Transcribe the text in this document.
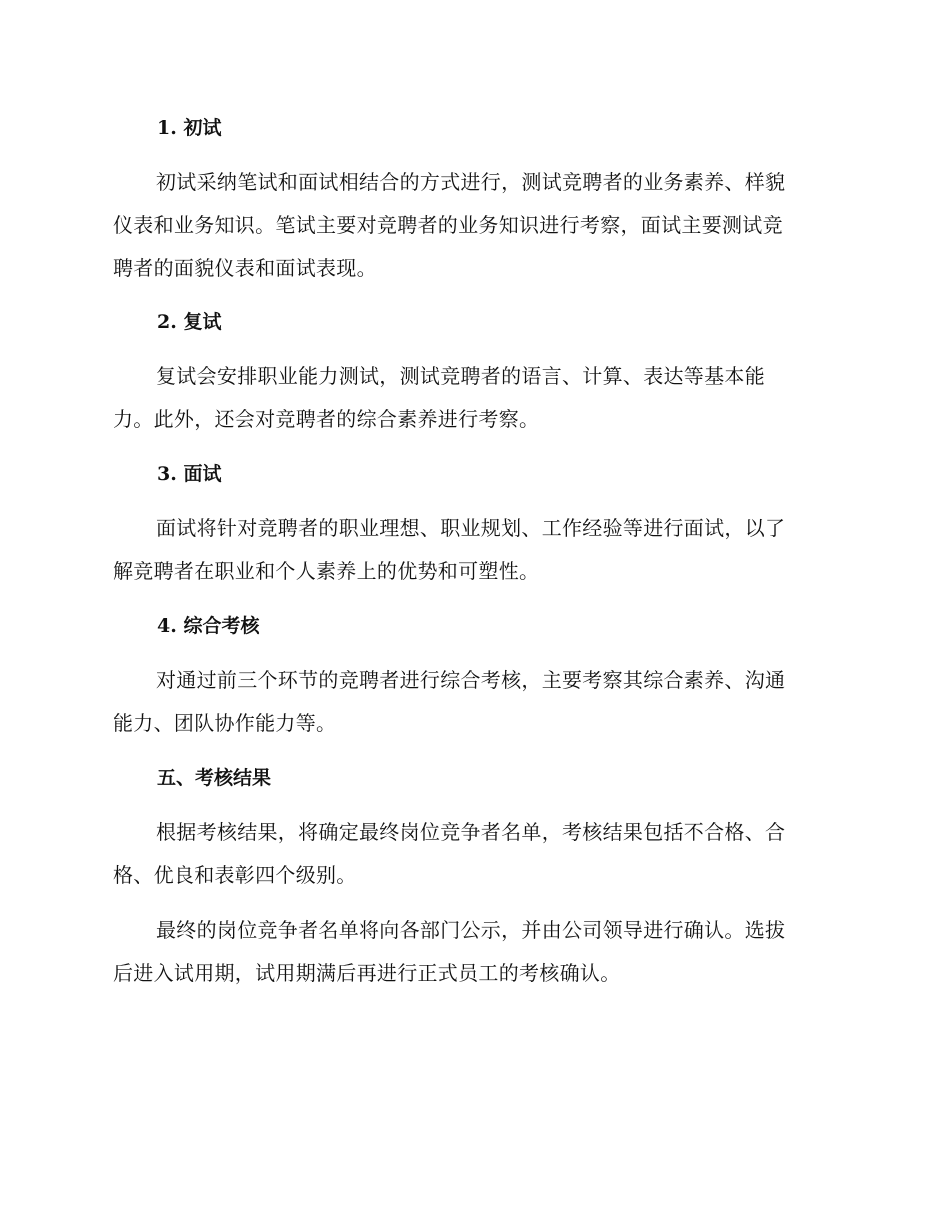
1. 初试
初试采纳笔试和面试相结合的方式进行，测试竞聘者的业务素养、样貌
仪表和业务知识。笔试主要对竞聘者的业务知识进行考察，面试主要测试竞
聘者的面貌仪表和面试表现。
2. 复试
复试会安排职业能力测试，测试竞聘者的语言、计算、表达等基本能
力。此外，还会对竞聘者的综合素养进行考察。
3. 面试
面试将针对竞聘者的职业理想、职业规划、工作经验等进行面试，以了
解竞聘者在职业和个人素养上的优势和可塑性。
4. 综合考核
对通过前三个环节的竞聘者进行综合考核，主要考察其综合素养、沟通
能力、团队协作能力等。
五、考核结果
根据考核结果，将确定最终岗位竞争者名单，考核结果包括不合格、合
格、优良和表彰四个级别。
最终的岗位竞争者名单将向各部门公示，并由公司领导进行确认。选拔
后进入试用期，试用期满后再进行正式员工的考核确认。
